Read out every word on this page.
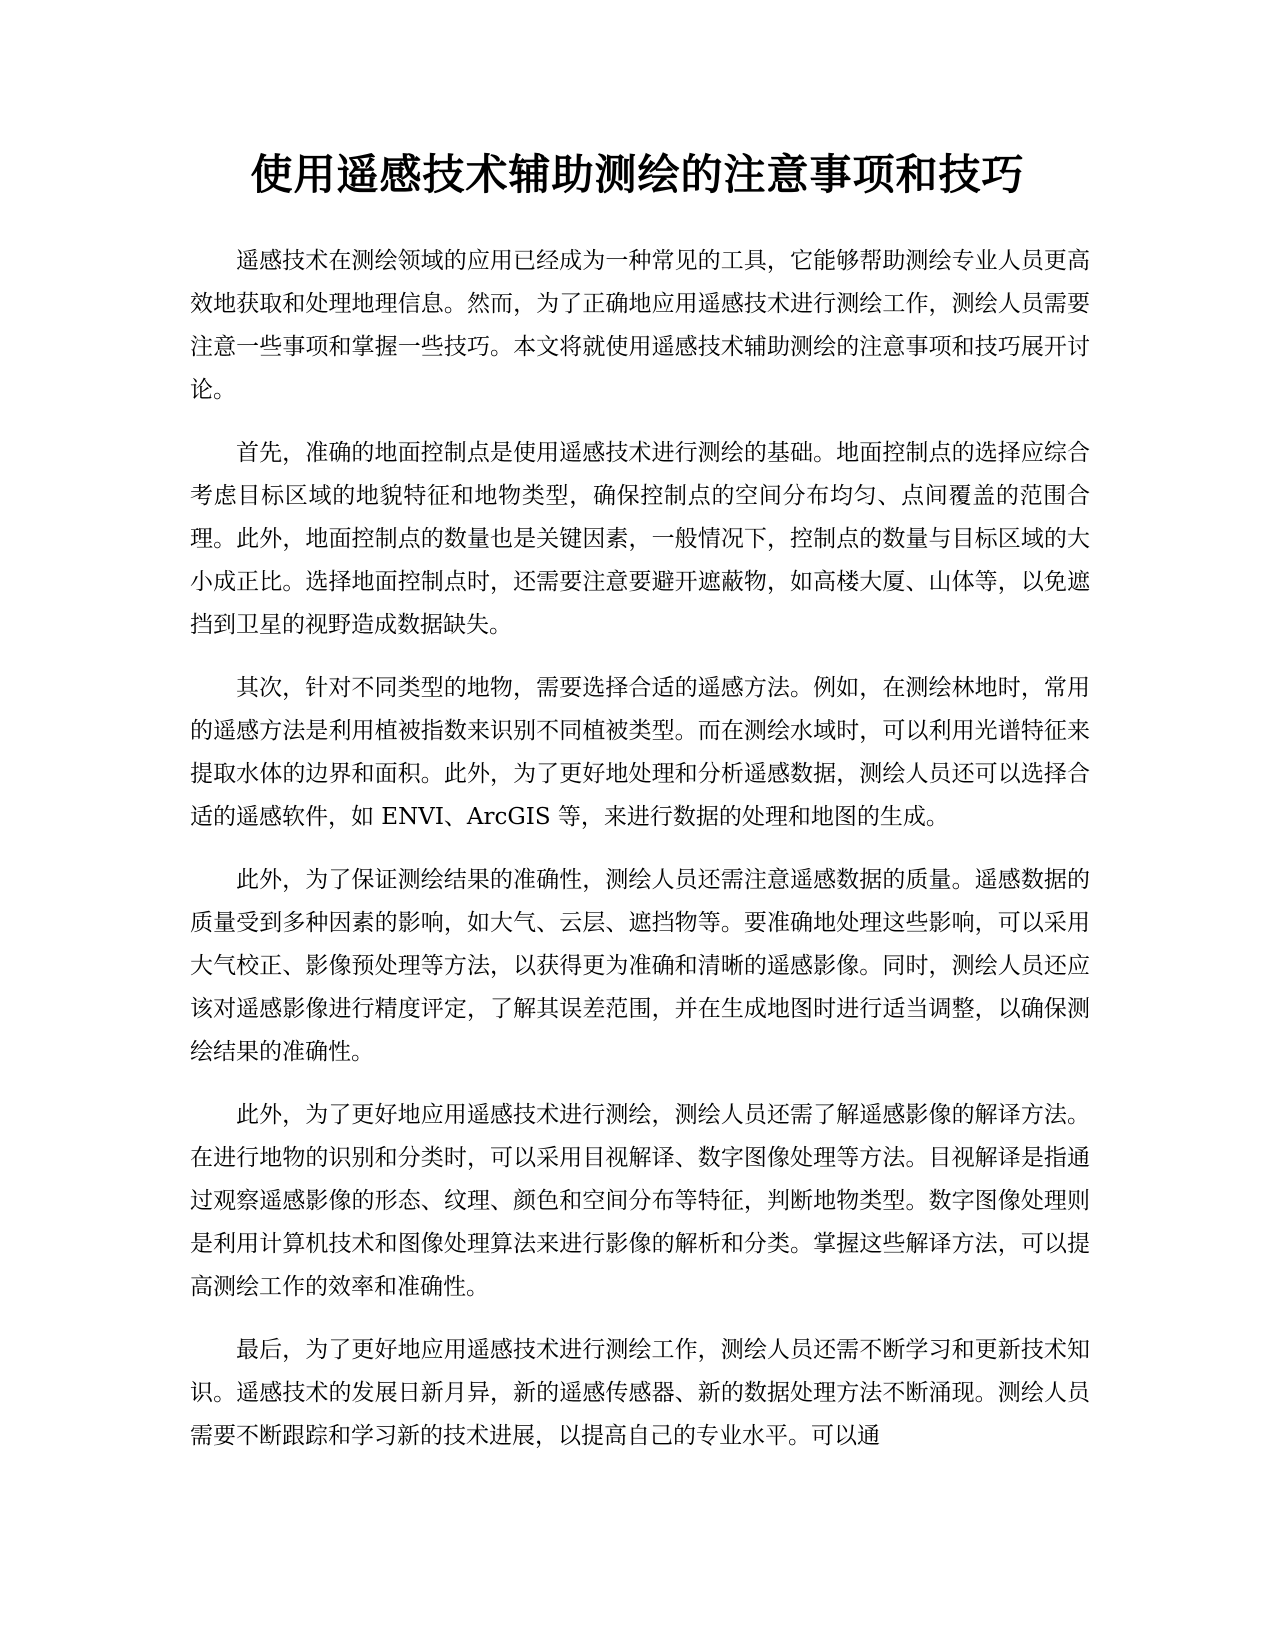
使用遥感技术辅助测绘的注意事项和技巧

遥感技术在测绘领域的应用已经成为一种常见的工具，它能够帮助测绘专业人员更高效地获取和处理地理信息。然而，为了正确地应用遥感技术进行测绘工作，测绘人员需要注意一些事项和掌握一些技巧。本文将就使用遥感技术辅助测绘的注意事项和技巧展开讨论。

首先，准确的地面控制点是使用遥感技术进行测绘的基础。地面控制点的选择应综合考虑目标区域的地貌特征和地物类型，确保控制点的空间分布均匀、点间覆盖的范围合理。此外，地面控制点的数量也是关键因素，一般情况下，控制点的数量与目标区域的大小成正比。选择地面控制点时，还需要注意要避开遮蔽物，如高楼大厦、山体等，以免遮挡到卫星的视野造成数据缺失。

其次，针对不同类型的地物，需要选择合适的遥感方法。例如，在测绘林地时，常用的遥感方法是利用植被指数来识别不同植被类型。而在测绘水域时，可以利用光谱特征来提取水体的边界和面积。此外，为了更好地处理和分析遥感数据，测绘人员还可以选择合适的遥感软件，如 ENVI、ArcGIS 等，来进行数据的处理和地图的生成。

此外，为了保证测绘结果的准确性，测绘人员还需注意遥感数据的质量。遥感数据的质量受到多种因素的影响，如大气、云层、遮挡物等。要准确地处理这些影响，可以采用大气校正、影像预处理等方法，以获得更为准确和清晰的遥感影像。同时，测绘人员还应该对遥感影像进行精度评定，了解其误差范围，并在生成地图时进行适当调整，以确保测绘结果的准确性。

此外，为了更好地应用遥感技术进行测绘，测绘人员还需了解遥感影像的解译方法。在进行地物的识别和分类时，可以采用目视解译、数字图像处理等方法。目视解译是指通过观察遥感影像的形态、纹理、颜色和空间分布等特征，判断地物类型。数字图像处理则是利用计算机技术和图像处理算法来进行影像的解析和分类。掌握这些解译方法，可以提高测绘工作的效率和准确性。

最后，为了更好地应用遥感技术进行测绘工作，测绘人员还需不断学习和更新技术知识。遥感技术的发展日新月异，新的遥感传感器、新的数据处理方法不断涌现。测绘人员需要不断跟踪和学习新的技术进展，以提高自己的专业水平。可以通
